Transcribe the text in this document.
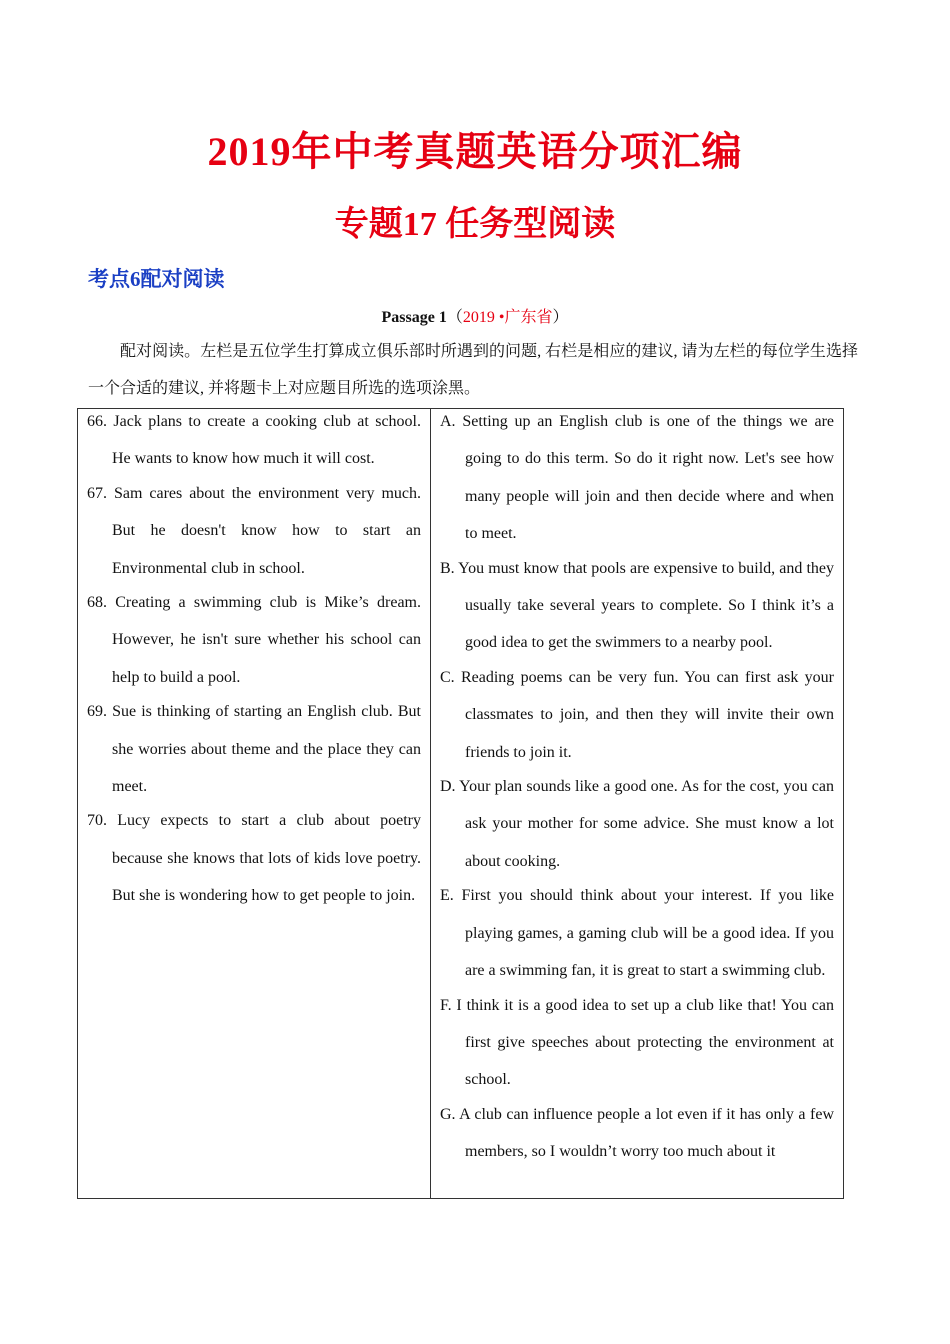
2019年中考真题英语分项汇编
专题17 任务型阅读
考点6配对阅读
Passage 1（2019 •广东省）
配对阅读。左栏是五位学生打算成立俱乐部时所遇到的问题, 右栏是相应的建议, 请为左栏的每位学生选择一个合适的建议, 并将题卡上对应题目所选的选项涂黑。

66. Jack plans to create a cooking club at school. He wants to know how much it will cost.

67. Sam cares about the environment very much. But he doesn't know how to start an Environmental club in school.

68. Creating a swimming club is Mike’s dream. However, he isn't sure whether his school can help to build a pool.

69. Sue is thinking of starting an English club. But she worries about theme and the place they can meet.

70. Lucy expects to start a club about poetry because she knows that lots of kids love poetry. But she is wondering how to get people to join.

A. Setting up an English club is one of the things we are going to do this term. So do it right now. Let's see how many people will join and then decide where and when to meet.

B. You must know that pools are expensive to build, and they usually take several years to complete. So I think it’s a good idea to get the swimmers to a nearby pool.

C. Reading poems can be very fun. You can first ask your classmates to join, and then they will invite their own friends to join it.

D. Your plan sounds like a good one. As for the cost, you can ask your mother for some advice. She must know a lot about cooking.

E. First you should think about your interest. If you like playing games, a gaming club will be a good idea. If you are a swimming fan, it is great to start a swimming club.

F. I think it is a good idea to set up a club like that! You can first give speeches about protecting the environment at school.

G. A club can influence people a lot even if it has only a few members, so I wouldn’t worry too much about it
